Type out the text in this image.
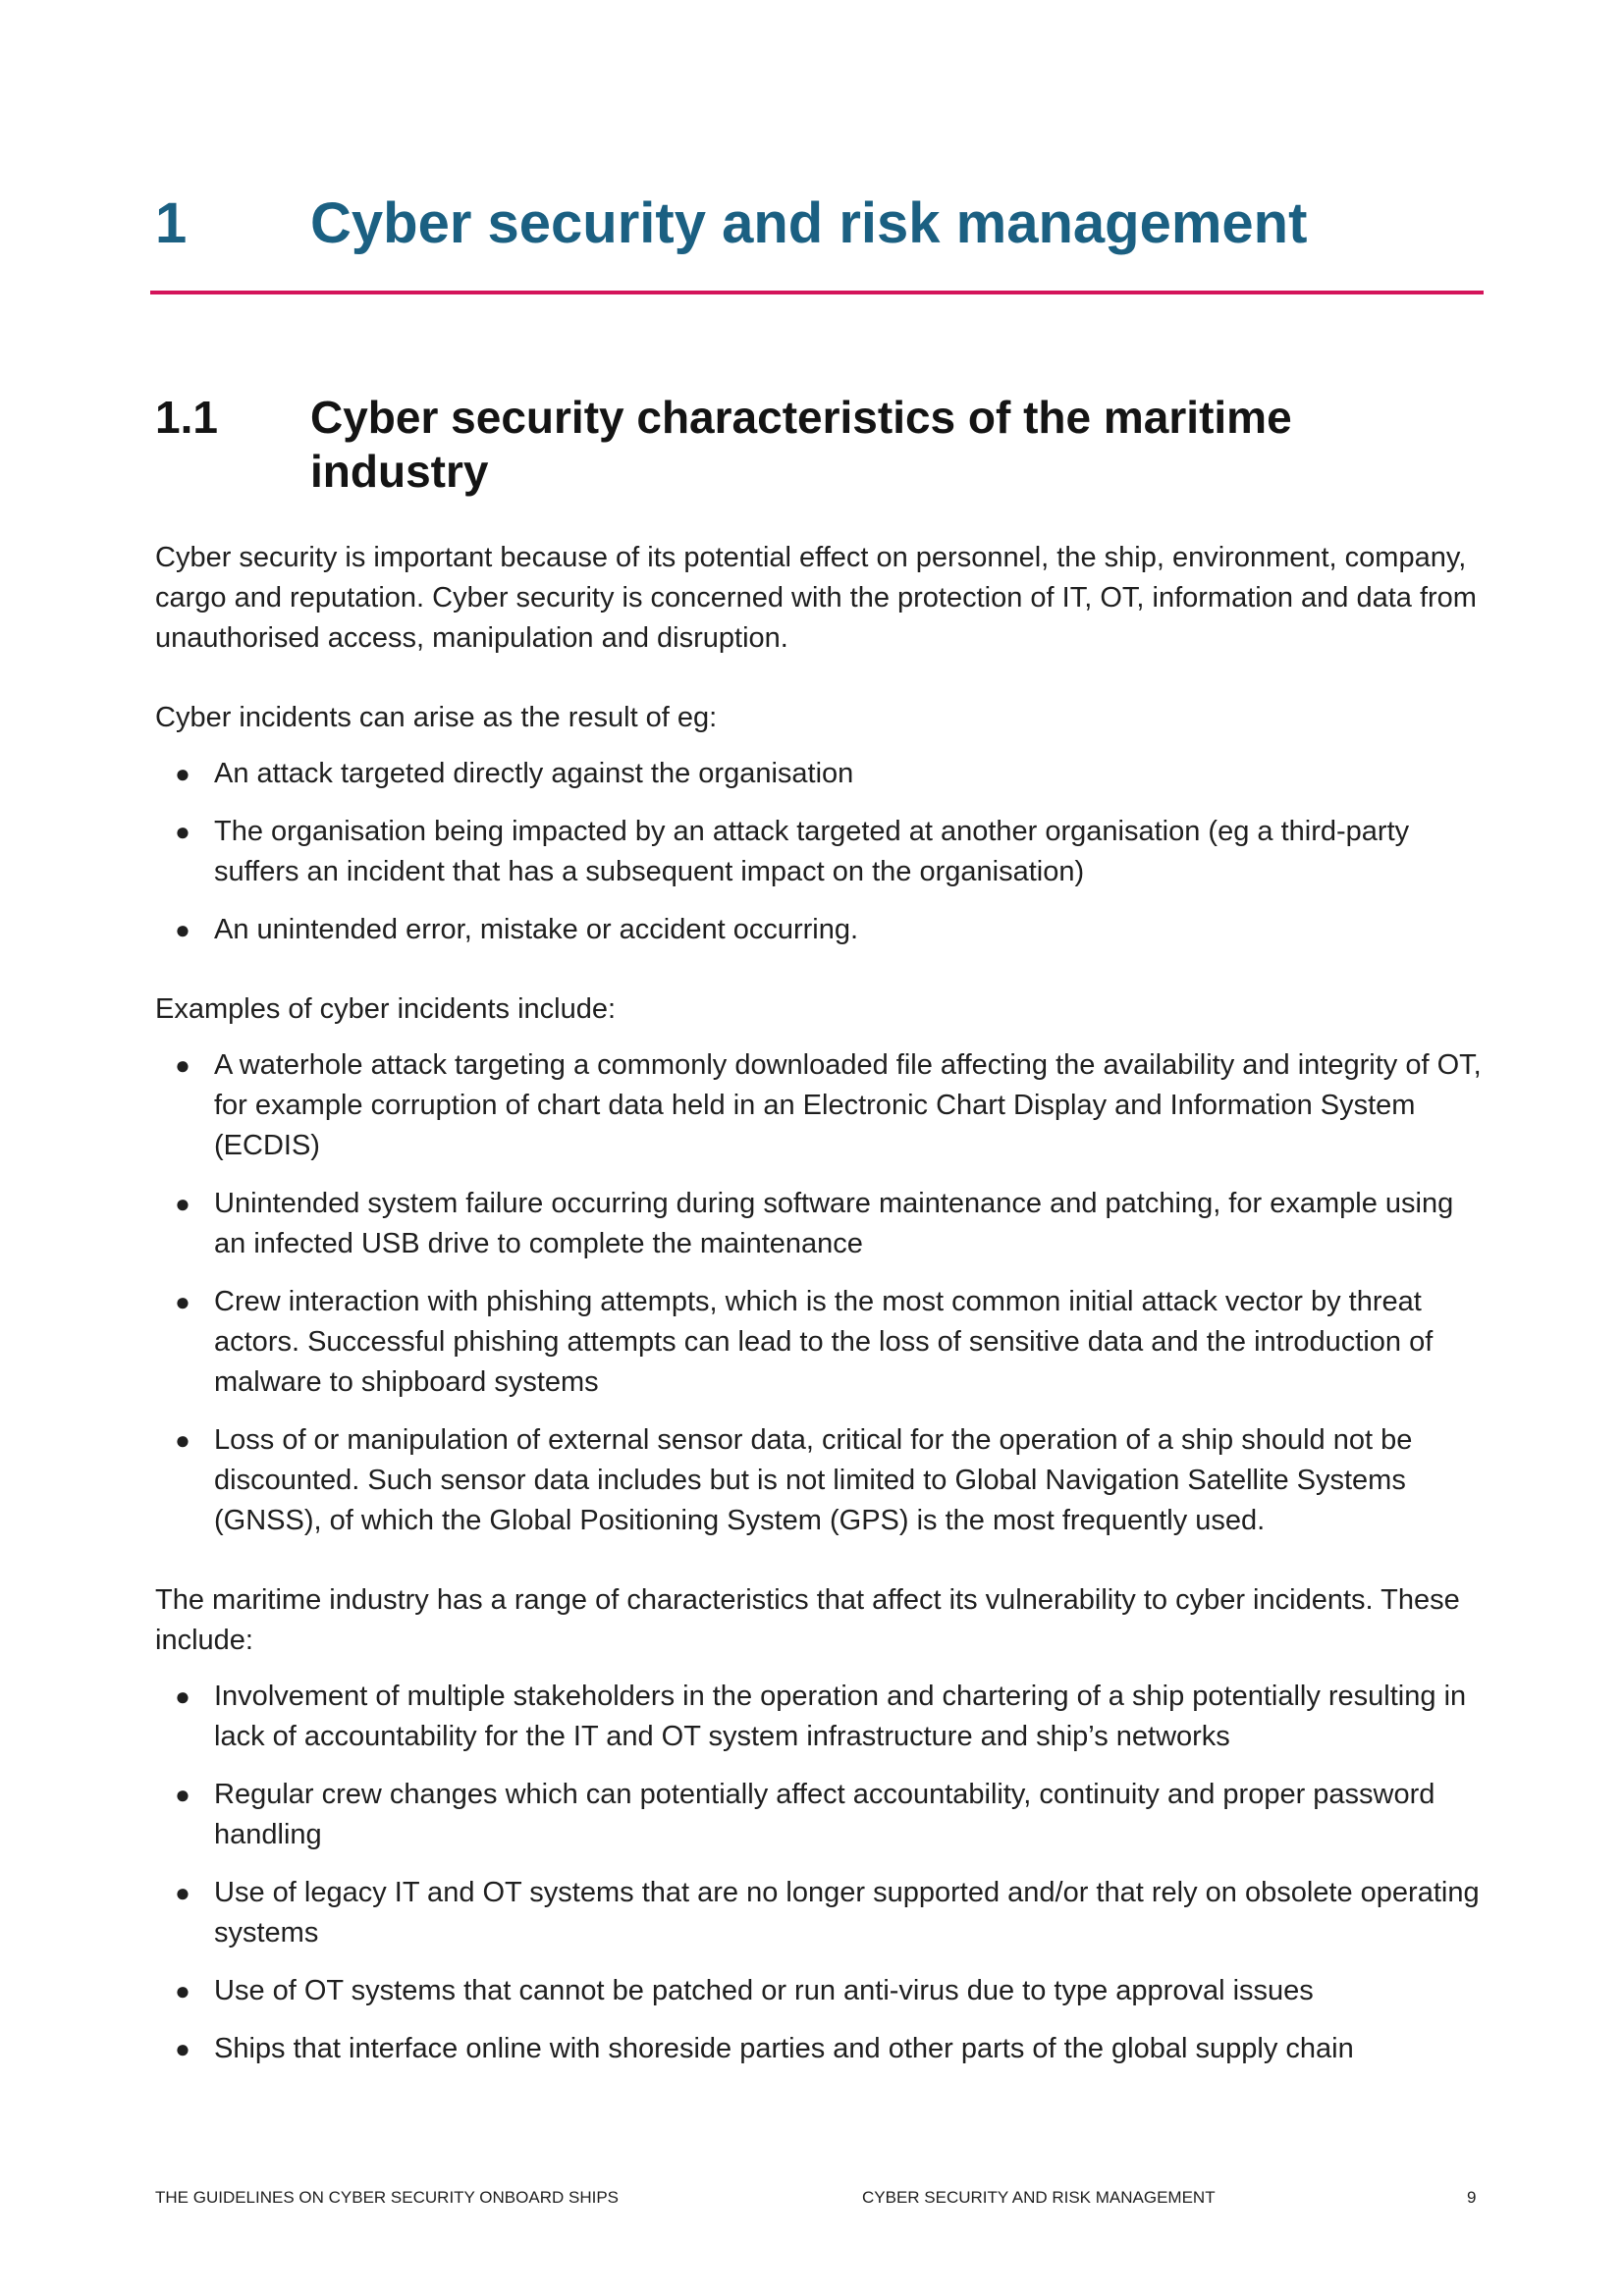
1 Cyber security and risk management
1.1 Cyber security characteristics of the maritime industry

Cyber security is important because of its potential effect on personnel, the ship, environment, company, cargo and reputation. Cyber security is concerned with the protection of IT, OT, information and data from unauthorised access, manipulation and disruption.

Cyber incidents can arise as the result of eg:

● An attack targeted directly against the organisation
● The organisation being impacted by an attack targeted at another organisation (eg a third-party suffers an incident that has a subsequent impact on the organisation)
● An unintended error, mistake or accident occurring.

Examples of cyber incidents include:

● A waterhole attack targeting a commonly downloaded file affecting the availability and integrity of OT, for example corruption of chart data held in an Electronic Chart Display and Information System (ECDIS)
● Unintended system failure occurring during software maintenance and patching, for example using an infected USB drive to complete the maintenance
● Crew interaction with phishing attempts, which is the most common initial attack vector by threat actors. Successful phishing attempts can lead to the loss of sensitive data and the introduction of malware to shipboard systems
● Loss of or manipulation of external sensor data, critical for the operation of a ship should not be discounted. Such sensor data includes but is not limited to Global Navigation Satellite Systems (GNSS), of which the Global Positioning System (GPS) is the most frequently used.

The maritime industry has a range of characteristics that affect its vulnerability to cyber incidents. These include:

● Involvement of multiple stakeholders in the operation and chartering of a ship potentially resulting in lack of accountability for the IT and OT system infrastructure and ship’s networks
● Regular crew changes which can potentially affect accountability, continuity and proper password handling
● Use of legacy IT and OT systems that are no longer supported and/or that rely on obsolete operating systems
● Use of OT systems that cannot be patched or run anti-virus due to type approval issues
● Ships that interface online with shoreside parties and other parts of the global supply chain
THE GUIDELINES ON CYBER SECURITY ONBOARD SHIPS	CYBER SECURITY AND RISK MANAGEMENT	9
